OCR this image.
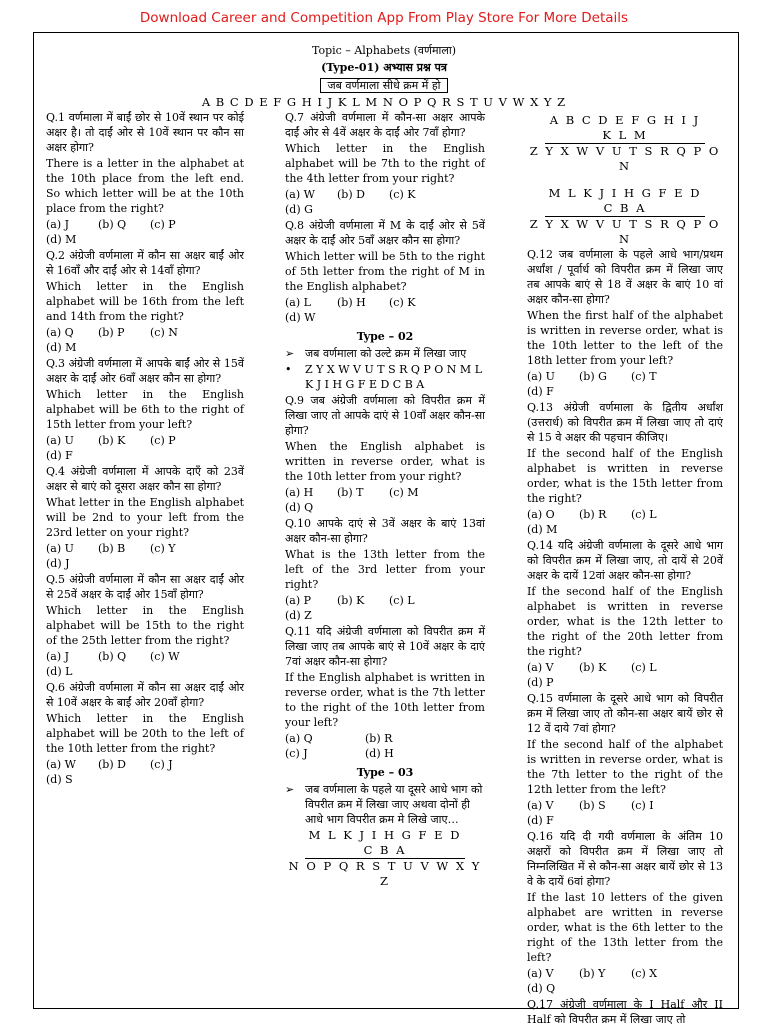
Download Career and Competition App From Play Store For More Details
Topic – Alphabets (वर्णमाला)
(Type-01) अभ्यास प्रश्न पत्र
जब वर्णमाला सीधे क्रम में हो
A B C D E F G H I J K L M N O P Q R S T U V W X Y Z
Q.1 वर्णमाला में बाईं छोर से 10वें स्थान पर कोई अक्षर है। तो दाईं ओर से 10वें स्थान पर कौन सा अक्षर होगा?
There is a letter in the alphabet at the 10th place from the left end. So which letter will be at the 10th place from the right?
(a) J	(b) Q	(c) P
(d) M
Q.2 अंग्रेजी वर्णमाला में कौन सा अक्षर बाईं ओर से 16वाँ और दाईं ओर से 14वाँ होगा?
Which letter in the English alphabet will be 16th from the left and 14th from the right?
(a) Q	(b) P	(c) N
(d) M
Q.3 अंग्रेजी वर्णमाला में आपके बाईं ओर से 15वें अक्षर के दाईं ओर 6वाँ अक्षर कौन सा होगा?
Which letter in the English alphabet will be 6th to the right of 15th letter from your left?
(a) U	(b) K	(c) P
(d) F
Q.4 अंग्रेजी वर्णमाला में आपके दाएँ को 23वें अक्षर से बाएं को दूसरा अक्षर कौन सा होगा?
What letter in the English alphabet will be 2nd to your left from the 23rd letter on your right?
(a) U	(b) B	(c) Y
(d) J
Q.5 अंग्रेजी वर्णमाला में कौन सा अक्षर दाईं ओर से 25वें अक्षर के दाईं ओर 15वाँ होगा?
Which letter in the English alphabet will be 15th to the right of the 25th letter from the right?
(a) J	(b) Q	(c) W
(d) L
Q.6 अंग्रेजी वर्णमाला में कौन सा अक्षर दाईं ओर से 10वें अक्षर के बाईं ओर 20वाँ होगा?
Which letter in the English alphabet will be 20th to the left of the 10th letter from the right?
(a) W	(b) D	(c) J
(d) S
Q.7 अंग्रेजी वर्णमाला में कौन-सा अक्षर आपके दाईं ओर से 4वें अक्षर के दाईं ओर 7वाँ होगा?
Which letter in the English alphabet will be 7th to the right of the 4th letter from your right?
(a) W	(b) D	(c) K
(d) G
Q.8 अंग्रेजी वर्णमाला में M के दाईं ओर से 5वें अक्षर के दाईं ओर 5वाँ अक्षर कौन सा होगा?
Which letter will be 5th to the right of 5th letter from the right of M in the English alphabet?
(a) L	(b) H	(c) K
(d) W
Type – 02
➢ जब वर्णमाला को उल्टे क्रम में लिखा जाए
•	Z Y X W V U T S R Q P O N M L K J I H G F E D C B A
Q.9 जब अंग्रेजी वर्णमाला को विपरीत क्रम में लिखा जाए तो आपके दाएं से 10वाँ अक्षर कौन-सा होगा?
When the English alphabet is written in reverse order, what is the 10th letter from your right?
(a) H	(b) T	(c) M
(d) Q
Q.10 आपके दाएं से 3वें अक्षर के बाएं 13वां अक्षर कौन-सा होगा?
What is the 13th letter from the left of the 3rd letter from your right?
(a) P	(b) K	(c) L
(d) Z
Q.11 यदि अंग्रेजी वर्णमाला को विपरीत क्रम में लिखा जाए तब आपके बाएं से 10वें अक्षर के दाएं 7वां अक्षर कौन-सा होगा?
If the English alphabet is written in reverse order, what is the 7th letter to the right of the 10th letter from your left?
(a) Q	(b) R
(c) J	(d) H
Type – 03
➢ जब वर्णमाला के पहले या दूसरे आधे भाग को विपरीत क्रम में लिखा जाए अथवा दोनों ही आधे भाग विपरीत क्रम मे लिखे जाए…
M L K J I H G F E D C B A
N O P Q R S T U V W X Y Z
A B C D E F G H I J K L M
Z Y X W V U T S R Q P O N
M L K J I H G F E D C B A
Z Y X W V U T S R Q P O N
Q.12 जब वर्णमाला के पहले आधे भाग/प्रथम अर्धांश / पूर्वार्ध को विपरीत क्रम में लिखा जाए तब आपके बाएं से 18 वें अक्षर के बाएं 10 वां अक्षर कौन-सा होगा?
When the first half of the alphabet is written in reverse order, what is the 10th letter to the left of the 18th letter from your left?
(a) U	(b) G	(c) T
(d) F
Q.13 अंग्रेजी वर्णमाला के द्वितीय अर्धांश (उत्तरार्ध) को विपरीत क्रम में लिखा जाए तो दाएं से 15 वे अक्षर की पहचान कीजिए।
If the second half of the English alphabet is written in reverse order, what is the 15th letter from the right?
(a) O	(b) R	(c) L
(d) M
Q.14 यदि अंग्रेजी वर्णमाला के दूसरे आधे भाग को विपरीत क्रम में लिखा जाए, तो दायें से 20वें अक्षर के दायें 12वां अक्षर कौन-सा होगा?
If the second half of the English alphabet is written in reverse order, what is the 12th letter to the right of the 20th letter from the right?
(a) V	(b) K	(c) L
(d) P
Q.15 वर्णमाला के दूसरे आधे भाग को विपरीत क्रम में लिखा जाए तो कौन-सा अक्षर बायें छोर से 12 वें दाये 7वां होगा?
If the second half of the alphabet is written in reverse order, what is the 7th letter to the right of the 12th letter from the left?
(a) V	(b) S	(c) I
(d) F
Q.16 यदि दी गयी वर्णमाला के अंतिम 10 अक्षरों को विपरीत क्रम में लिखा जाए तो निम्नलिखित में से कौन-सा अक्षर बायें छोर से 13 वे के दायें 6वां होगा?
If the last 10 letters of the given alphabet are written in reverse order, what is the 6th letter to the right of the 13th letter from the left?
(a) V	(b) Y	(c) X
(d) Q
Q.17 अंग्रेजी वर्णमाला के I Half और II Half को विपरीत क्रम में लिखा जाए तो
